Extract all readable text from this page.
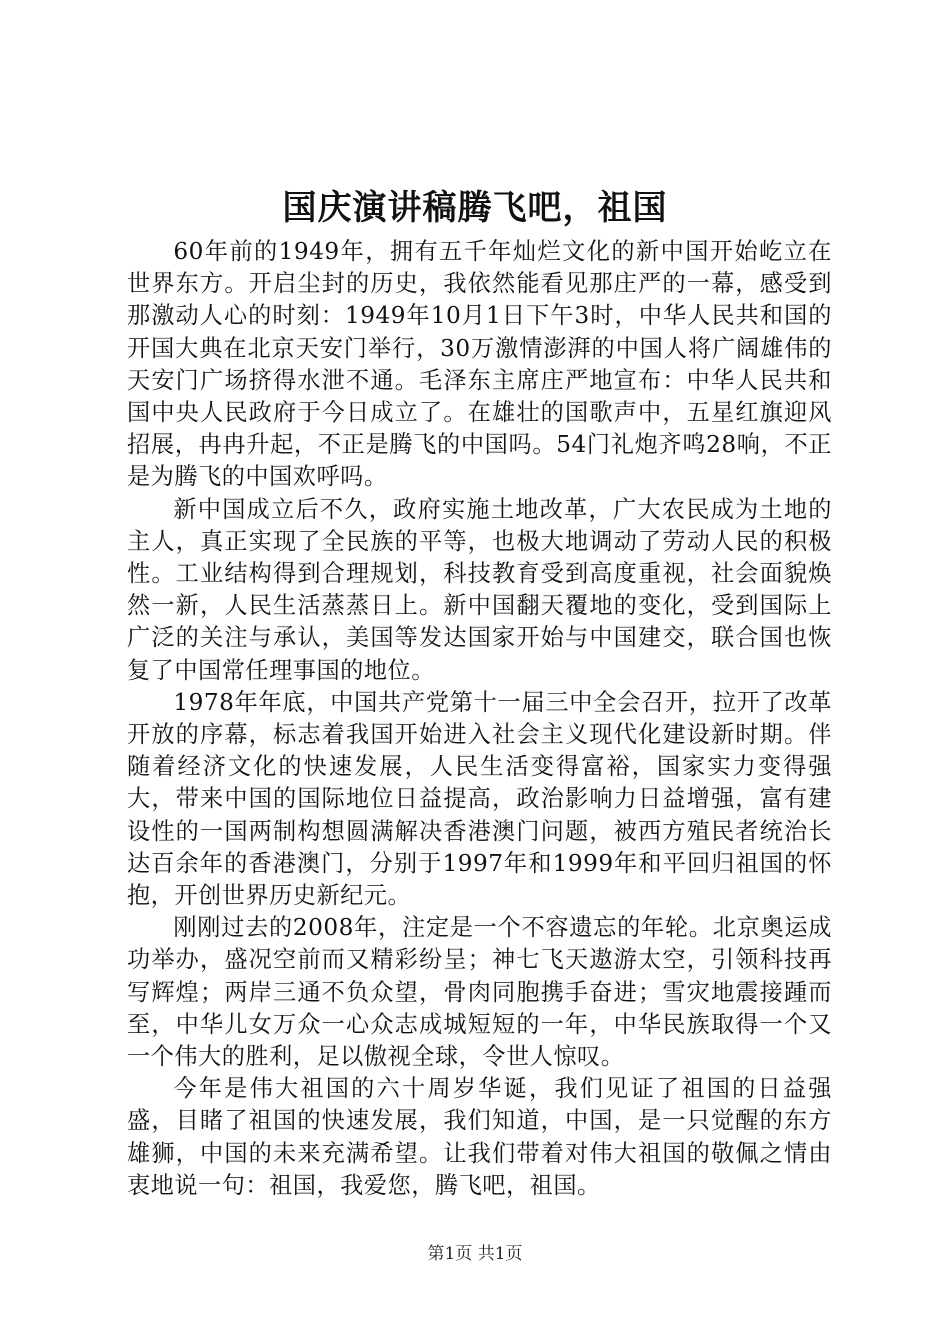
国庆演讲稿腾飞吧，祖国

60年前的1949年，拥有五千年灿烂文化的新中国开始屹立在世界东方。开启尘封的历史，我依然能看见那庄严的一幕，感受到那激动人心的时刻：1949年10月1日下午3时，中华人民共和国的开国大典在北京天安门举行，30万激情澎湃的中国人将广阔雄伟的天安门广场挤得水泄不通。毛泽东主席庄严地宣布：中华人民共和国中央人民政府于今日成立了。在雄壮的国歌声中，五星红旗迎风招展，冉冉升起，不正是腾飞的中国吗。54门礼炮齐鸣28响，不正是为腾飞的中国欢呼吗。

新中国成立后不久，政府实施土地改革，广大农民成为土地的主人，真正实现了全民族的平等，也极大地调动了劳动人民的积极性。工业结构得到合理规划，科技教育受到高度重视，社会面貌焕然一新，人民生活蒸蒸日上。新中国翻天覆地的变化，受到国际上广泛的关注与承认，美国等发达国家开始与中国建交，联合国也恢复了中国常任理事国的地位。

1978年年底，中国共产党第十一届三中全会召开，拉开了改革开放的序幕，标志着我国开始进入社会主义现代化建设新时期。伴随着经济文化的快速发展，人民生活变得富裕，国家实力变得强大，带来中国的国际地位日益提高，政治影响力日益增强，富有建设性的一国两制构想圆满解决香港澳门问题，被西方殖民者统治长达百余年的香港澳门，分别于1997年和1999年和平回归祖国的怀抱，开创世界历史新纪元。

刚刚过去的2008年，注定是一个不容遗忘的年轮。北京奥运成功举办，盛况空前而又精彩纷呈；神七飞天遨游太空，引领科技再写辉煌；两岸三通不负众望，骨肉同胞携手奋进；雪灾地震接踵而至，中华儿女万众一心众志成城短短的一年，中华民族取得一个又一个伟大的胜利，足以傲视全球，令世人惊叹。

今年是伟大祖国的六十周岁华诞，我们见证了祖国的日益强盛，目睹了祖国的快速发展，我们知道，中国，是一只觉醒的东方雄狮，中国的未来充满希望。让我们带着对伟大祖国的敬佩之情由衷地说一句：祖国，我爱您，腾飞吧，祖国。

第1页 共1页
